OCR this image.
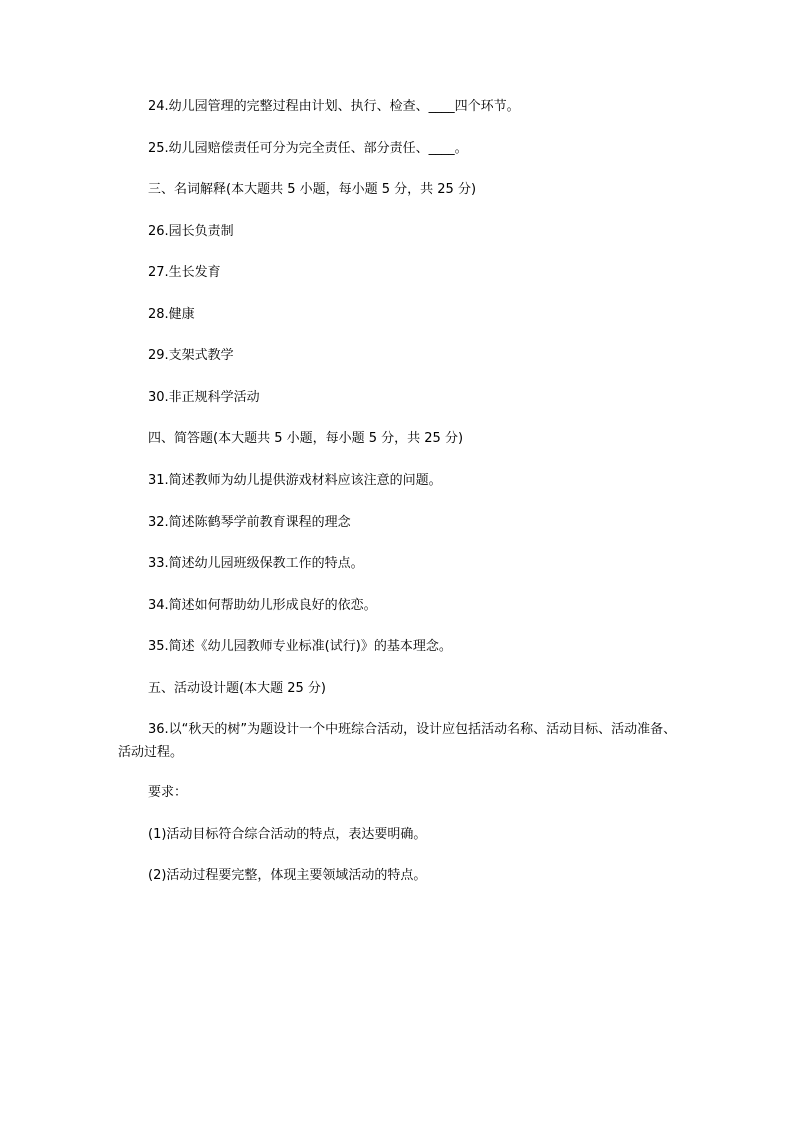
24.幼儿园管理的完整过程由计划、执行、检查、____四个环节。
25.幼儿园赔偿责任可分为完全责任、部分责任、____。
三、名词解释(本大题共 5 小题，每小题 5 分，共 25 分)
26.园长负责制
27.生长发育
28.健康
29.支架式教学
30.非正规科学活动
四、简答题(本大题共 5 小题，每小题 5 分，共 25 分)
31.简述教师为幼儿提供游戏材料应该注意的问题。
32.简述陈鹤琴学前教育课程的理念
33.简述幼儿园班级保教工作的特点。
34.简述如何帮助幼儿形成良好的依恋。
35.简述《幼儿园教师专业标准(试行)》的基本理念。
五、活动设计题(本大题 25 分)
36.以“秋天的树”为题设计一个中班综合活动，设计应包括活动名称、活动目标、活动准备、活动过程。
要求：
(1)活动目标符合综合活动的特点，表达要明确。
(2)活动过程要完整，体现主要领域活动的特点。
